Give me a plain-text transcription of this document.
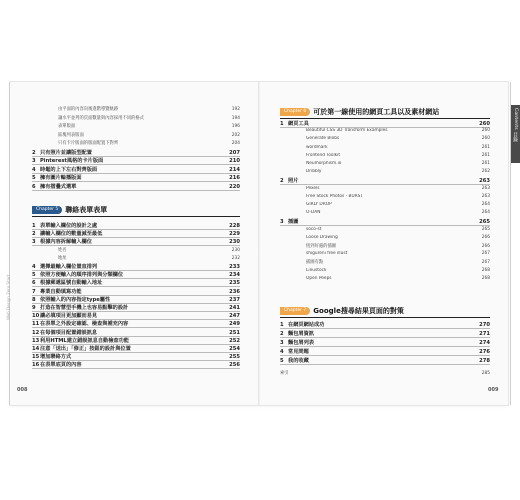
Web Design Zero Start
Contents
目錄
由平面的內容向後進階導覽軌跡	192
讓水平並列的頁面數量與內容採用不同的格式	194
表單版面	196
區塊列表版面	202
只有卡片版面的版面配置下對齊	204
2 只有照片並讓版型配置	207
3 Pinterest風格的卡片版面	210
4 時髦的上下左右對齊版面	214
5 擁有圖片輪播版面	216
6 擁有摺疊式選單	220
Chapter 5	聯絡表單表單
1 表單輸入欄位的設計之處	228
2 讓輸入欄位的數量減至最低	229
3 根據內容拆解輸入欄位	230
姓名	230
地址	232
4 選擇最輸入欄位置直排列	233
5 依照方便輸入的順序排列與分類欄位	234
6 根據郵遞區號自動輸入地址	235
7 專業自動填寫功能	236
8 依照輸入的內容指定type屬性	237
9 打造在智慧型手機上也容易點擊的設計	241
10 讓必填項目更加顯而易見	247
11 在表單之外設定確認、檢查與補充內容	249
12 在每個項目配置錯誤訊息	251
13 利用HTML建立錯誤訊息自動檢查功能	252
14 注意「送出」「修正」按鈕的設計與位置	254
15 增加聯絡方式	255
16 在表單底頁的內容	256
Chapter 6	可於第一線使用的網頁工具以及素材網站
1 網頁工具	260
Beautiful CSS 3D Transform Examples	260
Generate Blobs	260
wordmark	261
Frontend Toolkit	261
Neumorphism.io	261
Dribbly	262
2 照片	263
Pexels	263
Free Stock Photos - BURST	263
GIRLY DROP	264
O-DAN	264
3 插圖	265
soco-st	265
Loose Drawing	266
恆到好處的插圖	266
shigureni free illust	267
插圖有點	267
Linustock	268
Open Peeps	268
Chapter 7	Google搜尋結果頁面的對策
1 在網頁網站成功	270
2 麵包屑資訊	271
3 麵包屑列表	274
4 常見問題	276
5 我的收藏	278
索引	285
008	009
